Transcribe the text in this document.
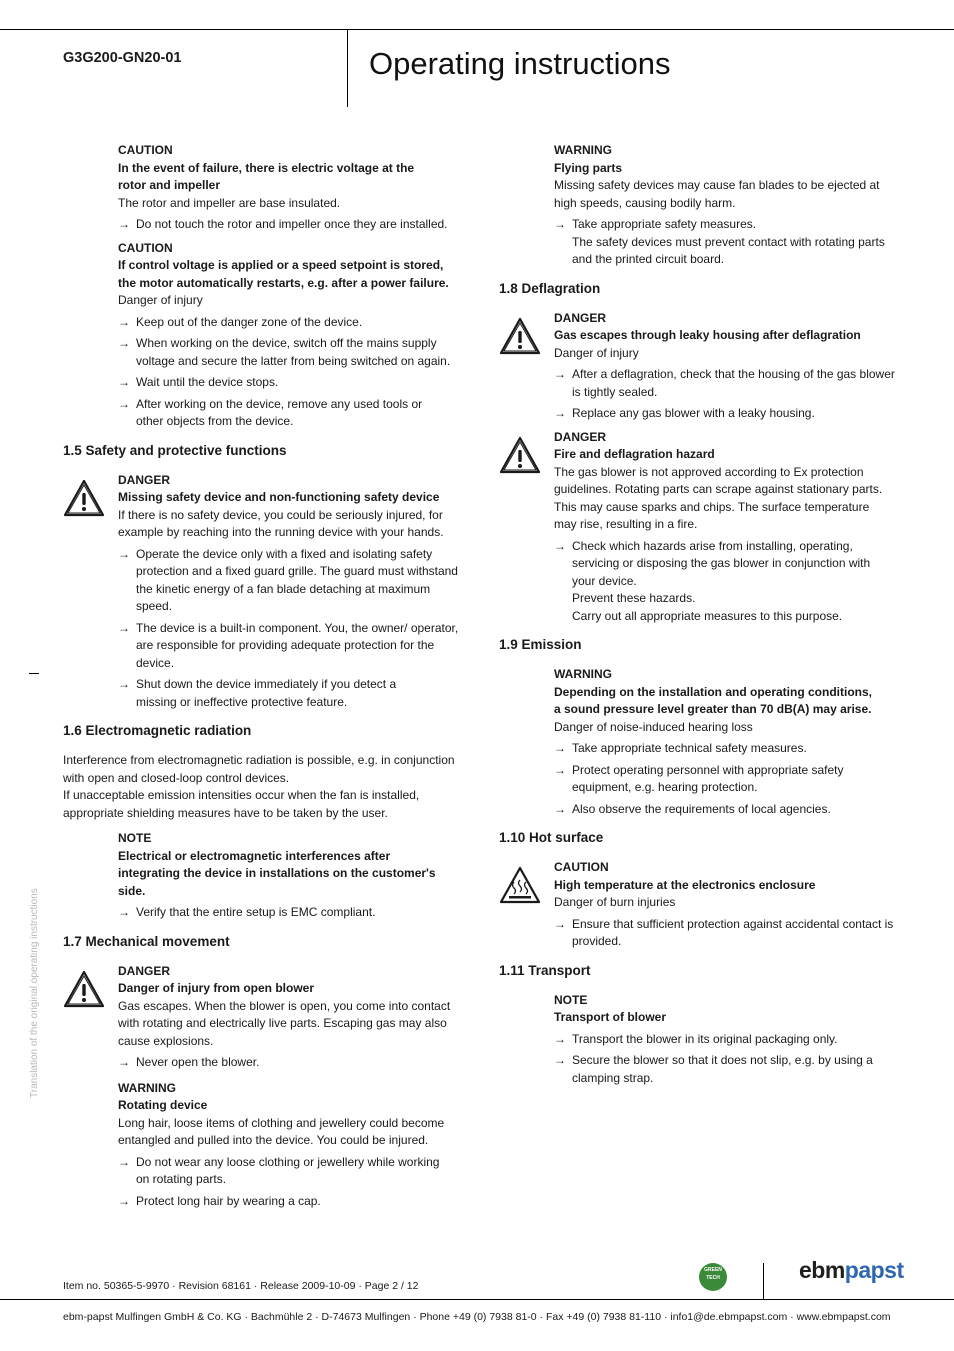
G3G200-GN20-01	Operating instructions
Translation of the original operating instructions
CAUTION
In the event of failure, there is electric voltage at the rotor and impeller
The rotor and impeller are base insulated.
→ Do not touch the rotor and impeller once they are installed.
CAUTION
If control voltage is applied or a speed setpoint is stored, the motor automatically restarts, e.g. after a power failure.
Danger of injury
→ Keep out of the danger zone of the device.
→ When working on the device, switch off the mains supply voltage and secure the latter from being switched on again.
→ Wait until the device stops.
→ After working on the device, remove any used tools or other objects from the device.
1.5 Safety and protective functions
DANGER
Missing safety device and non-functioning safety device
If there is no safety device, you could be seriously injured, for example by reaching into the running device with your hands.
→ Operate the device only with a fixed and isolating safety protection and a fixed guard grille. The guard must withstand the kinetic energy of a fan blade detaching at maximum speed.
→ The device is a built-in component. You, the owner/ operator, are responsible for providing adequate protection for the device.
→ Shut down the device immediately if you detect a missing or ineffective protective feature.
1.6 Electromagnetic radiation
Interference from electromagnetic radiation is possible, e.g. in conjunction with open and closed-loop control devices.
If unacceptable emission intensities occur when the fan is installed, appropriate shielding measures have to be taken by the user.
NOTE
Electrical or electromagnetic interferences after integrating the device in installations on the customer's side.
→ Verify that the entire setup is EMC compliant.
1.7 Mechanical movement
DANGER
Danger of injury from open blower
Gas escapes. When the blower is open, you come into contact with rotating and electrically live parts. Escaping gas may also cause explosions.
→ Never open the blower.
WARNING
Rotating device
Long hair, loose items of clothing and jewellery could become entangled and pulled into the device. You could be injured.
→ Do not wear any loose clothing or jewellery while working on rotating parts.
→ Protect long hair by wearing a cap.
WARNING
Flying parts
Missing safety devices may cause fan blades to be ejected at high speeds, causing bodily harm.
→ Take appropriate safety measures.
The safety devices must prevent contact with rotating parts and the printed circuit board.
1.8 Deflagration
DANGER
Gas escapes through leaky housing after deflagration
Danger of injury
→ After a deflagration, check that the housing of the gas blower is tightly sealed.
→ Replace any gas blower with a leaky housing.
DANGER
Fire and deflagration hazard
The gas blower is not approved according to Ex protection guidelines. Rotating parts can scrape against stationary parts. This may cause sparks and chips. The surface temperature may rise, resulting in a fire.
→ Check which hazards arise from installing, operating, servicing or disposing the gas blower in conjunction with your device.
Prevent these hazards.
Carry out all appropriate measures to this purpose.
1.9 Emission
WARNING
Depending on the installation and operating conditions, a sound pressure level greater than 70 dB(A) may arise.
Danger of noise-induced hearing loss
→ Take appropriate technical safety measures.
→ Protect operating personnel with appropriate safety equipment, e.g. hearing protection.
→ Also observe the requirements of local agencies.
1.10 Hot surface
CAUTION
High temperature at the electronics enclosure
Danger of burn injuries
→ Ensure that sufficient protection against accidental contact is provided.
1.11 Transport
NOTE
Transport of blower
→ Transport the blower in its original packaging only.
→ Secure the blower so that it does not slip, e.g. by using a clamping strap.
Item no. 50365-5-9970 · Revision 68161 · Release 2009-10-09 · Page 2 / 12
GREEN TECH	ebmpapst
ebm-papst Mulfingen GmbH & Co. KG · Bachmühle 2 · D-74673 Mulfingen · Phone +49 (0) 7938 81-0 · Fax +49 (0) 7938 81-110 · info1@de.ebmpapst.com · www.ebmpapst.com
